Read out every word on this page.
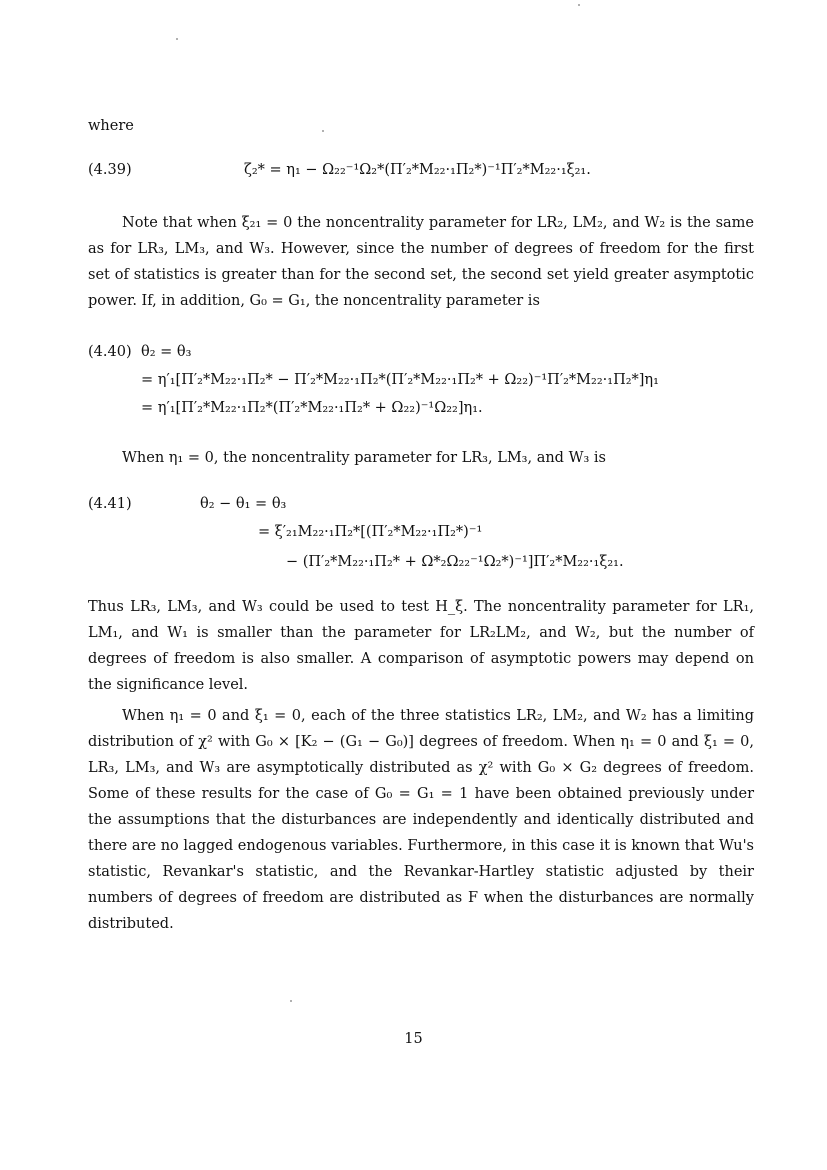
where
(4.39)	ζ₂* = η₁ − Ω₂₂⁻¹Ω₂*(Π′₂*M₂₂·₁Π₂*)⁻¹Π′₂*M₂₂·₁ξ₂₁.
Note that when ξ₂₁ = 0 the noncentrality parameter for LR₂, LM₂, and W₂ is the same as for LR₃, LM₃, and W₃. However, since the number of degrees of freedom for the first set of statistics is greater than for the second set, the second set yield greater asymptotic power. If, in addition, G₀ = G₁, the noncentrality parameter is
(4.40) θ₂ = θ₃
= η′₁[Π′₂*M₂₂·₁Π₂* − Π′₂*M₂₂·₁Π₂*(Π′₂*M₂₂·₁Π₂* + Ω₂₂)⁻¹Π′₂*M₂₂·₁Π₂*]η₁
= η′₁[Π′₂*M₂₂·₁Π₂*(Π′₂*M₂₂·₁Π₂* + Ω₂₂)⁻¹Ω₂₂]η₁.
When η₁ = 0, the noncentrality parameter for LR₃, LM₃, and W₃ is
(4.41)	θ₂ − θ₁ = θ₃
= ξ′₂₁M₂₂·₁Π₂*[(Π′₂*M₂₂·₁Π₂*)⁻¹
− (Π′₂*M₂₂·₁Π₂* + Ω*₂Ω₂₂⁻¹Ω₂*)⁻¹]Π′₂*M₂₂·₁ξ₂₁.
Thus LR₃, LM₃, and W₃ could be used to test H_ξ. The noncentrality parameter for LR₁, LM₁, and W₁ is smaller than the parameter for LR₂LM₂, and W₂, but the number of degrees of freedom is also smaller. A comparison of asymptotic powers may depend on the significance level.
When η₁ = 0 and ξ₁ = 0, each of the three statistics LR₂, LM₂, and W₂ has a limiting distribution of χ² with G₀ × [K₂ − (G₁ − G₀)] degrees of freedom. When η₁ = 0 and ξ₁ = 0, LR₃, LM₃, and W₃ are asymptotically distributed as χ² with G₀ × G₂ degrees of freedom. Some of these results for the case of G₀ = G₁ = 1 have been obtained previously under the assumptions that the disturbances are independently and identically distributed and there are no lagged endogenous variables. Furthermore, in this case it is known that Wu's statistic, Revankar's statistic, and the Revankar-Hartley statistic adjusted by their numbers of degrees of freedom are distributed as F when the disturbances are normally distributed.
15
